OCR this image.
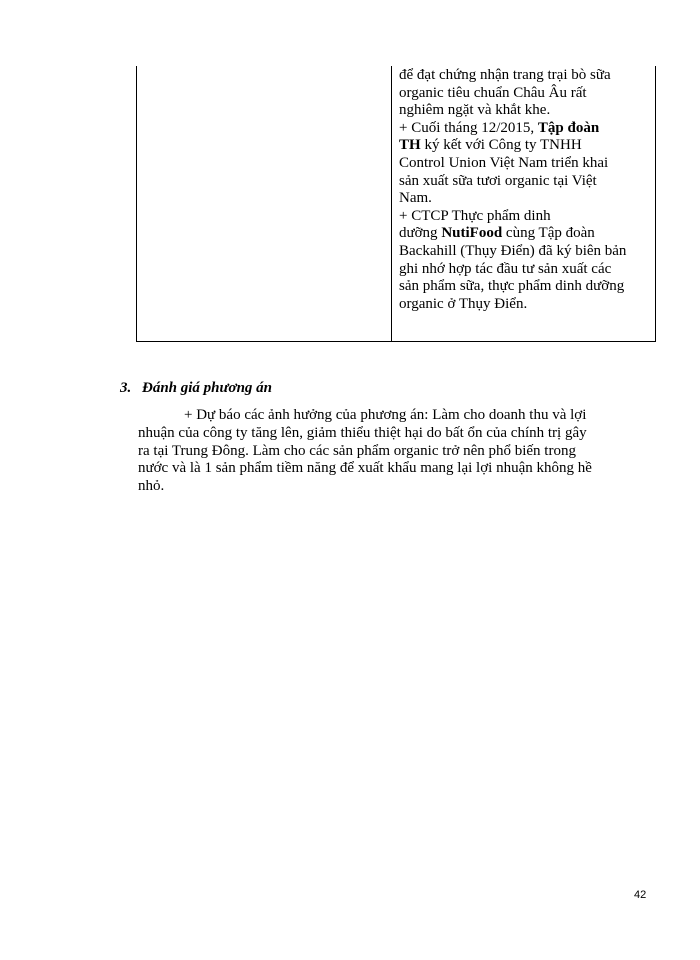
để đạt chứng nhận trang trại bò sữa
organic tiêu chuẩn Châu Âu rất
nghiêm ngặt và khắt khe.
+ Cuối tháng 12/2015, Tập đoàn
TH ký kết với Công ty TNHH
Control Union Việt Nam triển khai
sản xuất sữa tươi organic tại Việt
Nam.
+ CTCP Thực phẩm dinh
dưỡng NutiFood cùng Tập đoàn
Backahill (Thụy Điển) đã ký biên bản
ghi nhớ hợp tác đầu tư sản xuất các
sản phẩm sữa, thực phẩm dinh dưỡng
organic ở Thụy Điển.
3. Đánh giá phương án
+ Dự báo các ảnh hưởng của phương án: Làm cho doanh thu và lợi
nhuận của công ty tăng lên, giảm thiểu thiệt hại do bất ổn của chính trị gây
ra tại Trung Đông. Làm cho các sản phẩm organic trở nên phổ biến trong
nước và là 1 sản phẩm tiềm năng để xuất khẩu mang lại lợi nhuận không hề
nhỏ.
42
